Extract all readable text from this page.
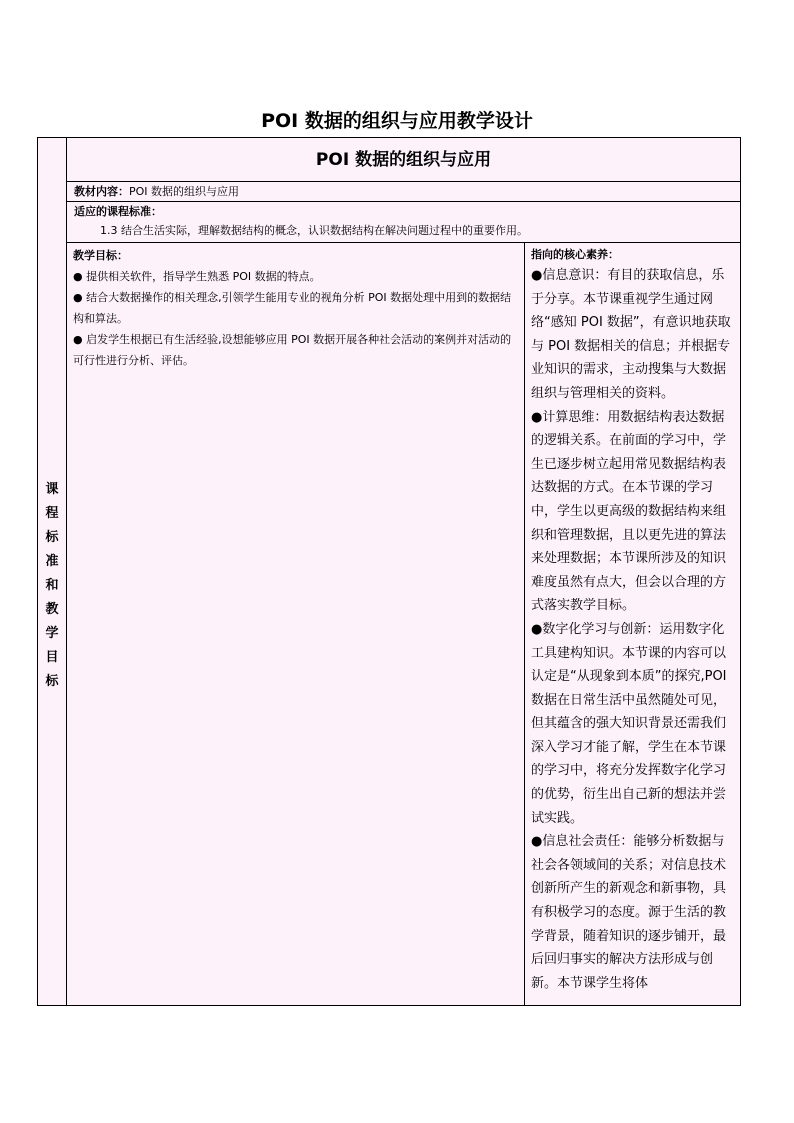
POI 数据的组织与应用教学设计
课
程
标
准
和
教
学
目
标
POI 数据的组织与应用
教材内容：POI 数据的组织与应用
适应的课程标准：
1.3 结合生活实际，理解数据结构的概念，认识数据结构在解决问题过程中的重要作用。

教学目标：

● 提供相关软件，指导学生熟悉 POI 数据的特点。

● 结合大数据操作的相关理念,引领学生能用专业的视角分析 POI 数据处理中用到的数据结构和算法。

● 启发学生根据已有生活经验,设想能够应用 POI 数据开展各种社会活动的案例并对活动的可行性进行分析、评估。

指向的核心素养：

●信息意识：有目的获取信息，乐于分享。本节课重视学生通过网络“感知 POI 数据”，有意识地获取与 POI 数据相关的信息；并根据专业知识的需求，主动搜集与大数据组织与管理相关的资料。

●计算思维：用数据结构表达数据的逻辑关系。在前面的学习中，学生已逐步树立起用常见数据结构表达数据的方式。在本节课的学习中，学生以更高级的数据结构来组织和管理数据，且以更先进的算法来处理数据；本节课所涉及的知识难度虽然有点大，但会以合理的方式落实教学目标。

●数字化学习与创新：运用数字化工具建构知识。本节课的内容可以认定是“从现象到本质”的探究,POI 数据在日常生活中虽然随处可见，但其蕴含的强大知识背景还需我们深入学习才能了解，学生在本节课的学习中，将充分发挥数字化学习的优势，衍生出自己新的想法并尝试实践。

●信息社会责任：能够分析数据与社会各领域间的关系；对信息技术创新所产生的新观念和新事物，具有积极学习的态度。源于生活的教学背景，随着知识的逐步铺开，最后回归事实的解决方法形成与创新。本节课学生将体
